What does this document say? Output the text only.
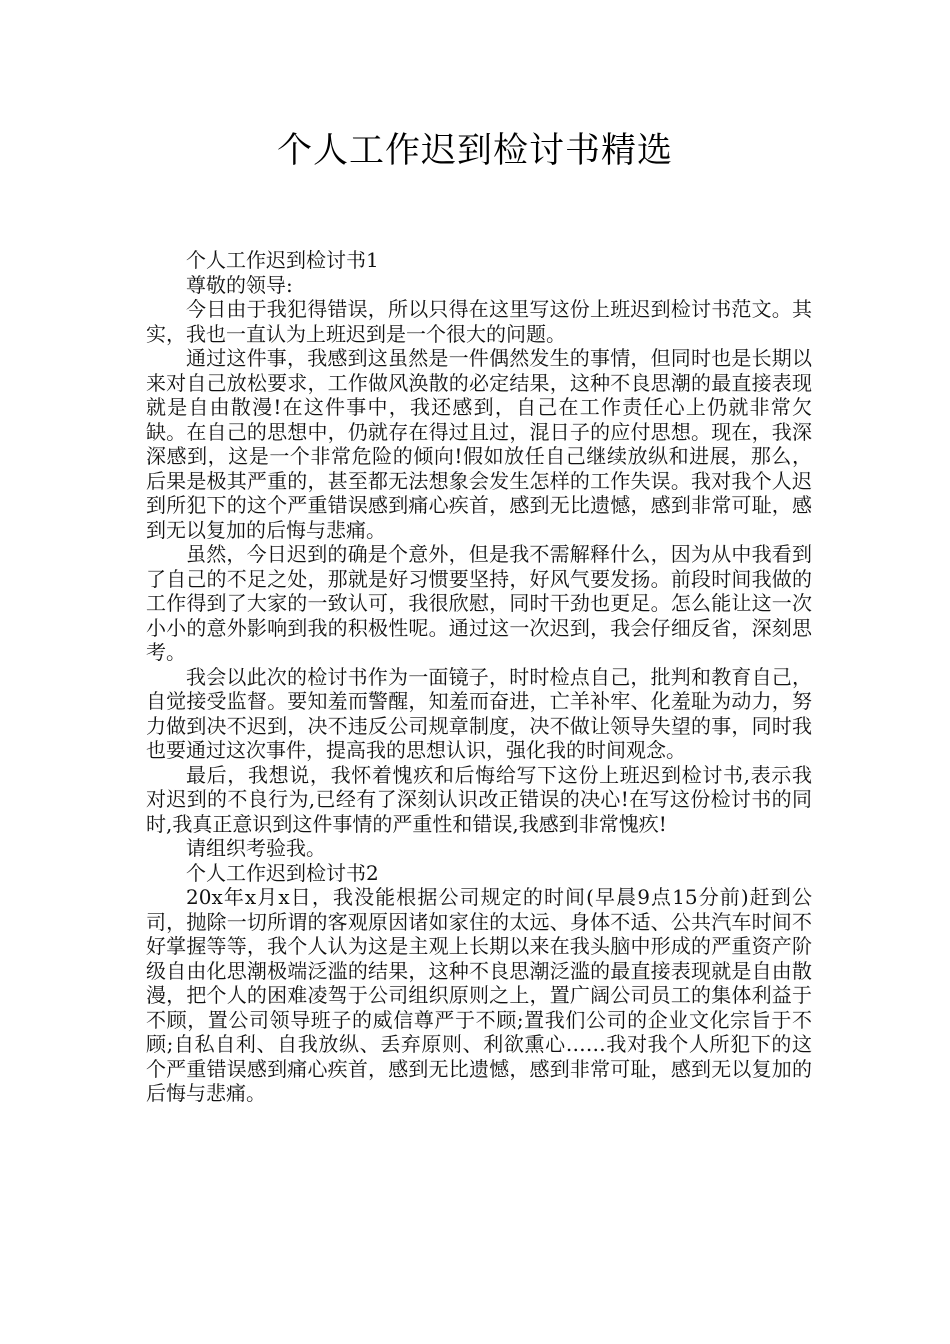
个人工作迟到检讨书精选

个人工作迟到检讨书1

尊敬的领导:

今日由于我犯得错误，所以只得在这里写这份上班迟到检讨书范文。其实，我也一直认为上班迟到是一个很大的问题。

通过这件事，我感到这虽然是一件偶然发生的事情，但同时也是长期以来对自己放松要求，工作做风涣散的必定结果，这种不良思潮的最直接表现就是自由散漫!在这件事中，我还感到，自己在工作责任心上仍就非常欠缺。在自己的思想中，仍就存在得过且过，混日子的应付思想。现在，我深深感到，这是一个非常危险的倾向!假如放任自己继续放纵和进展，那么，后果是极其严重的，甚至都无法想象会发生怎样的工作失误。我对我个人迟到所犯下的这个严重错误感到痛心疾首，感到无比遗憾，感到非常可耻，感到无以复加的后悔与悲痛。

虽然，今日迟到的确是个意外，但是我不需解释什么，因为从中我看到了自己的不足之处，那就是好习惯要坚持，好风气要发扬。前段时间我做的工作得到了大家的一致认可，我很欣慰，同时干劲也更足。怎么能让这一次小小的意外影响到我的积极性呢。通过这一次迟到，我会仔细反省，深刻思考。

我会以此次的检讨书作为一面镜子，时时检点自己，批判和教育自己，自觉接受监督。要知羞而警醒，知羞而奋进，亡羊补牢、化羞耻为动力，努力做到决不迟到，决不违反公司规章制度，决不做让领导失望的事，同时我也要通过这次事件，提高我的思想认识，强化我的时间观念。

最后，我想说，我怀着愧疚和后悔给写下这份上班迟到检讨书,表示我对迟到的不良行为,已经有了深刻认识改正错误的决心!在写这份检讨书的同时,我真正意识到这件事情的严重性和错误,我感到非常愧疚!

请组织考验我。

个人工作迟到检讨书2

20x年x月x日，我没能根据公司规定的时间(早晨9点15分前)赶到公司，抛除一切所谓的客观原因诸如家住的太远、身体不适、公共汽车时间不好掌握等等，我个人认为这是主观上长期以来在我头脑中形成的严重资产阶级自由化思潮极端泛滥的结果，这种不良思潮泛滥的最直接表现就是自由散漫，把个人的困难凌驾于公司组织原则之上，置广阔公司员工的集体利益于不顾，置公司领导班子的威信尊严于不顾;置我们公司的企业文化宗旨于不顾;自私自利、自我放纵、丢弃原则、利欲熏心……我对我个人所犯下的这个严重错误感到痛心疾首，感到无比遗憾，感到非常可耻，感到无以复加的后悔与悲痛。
